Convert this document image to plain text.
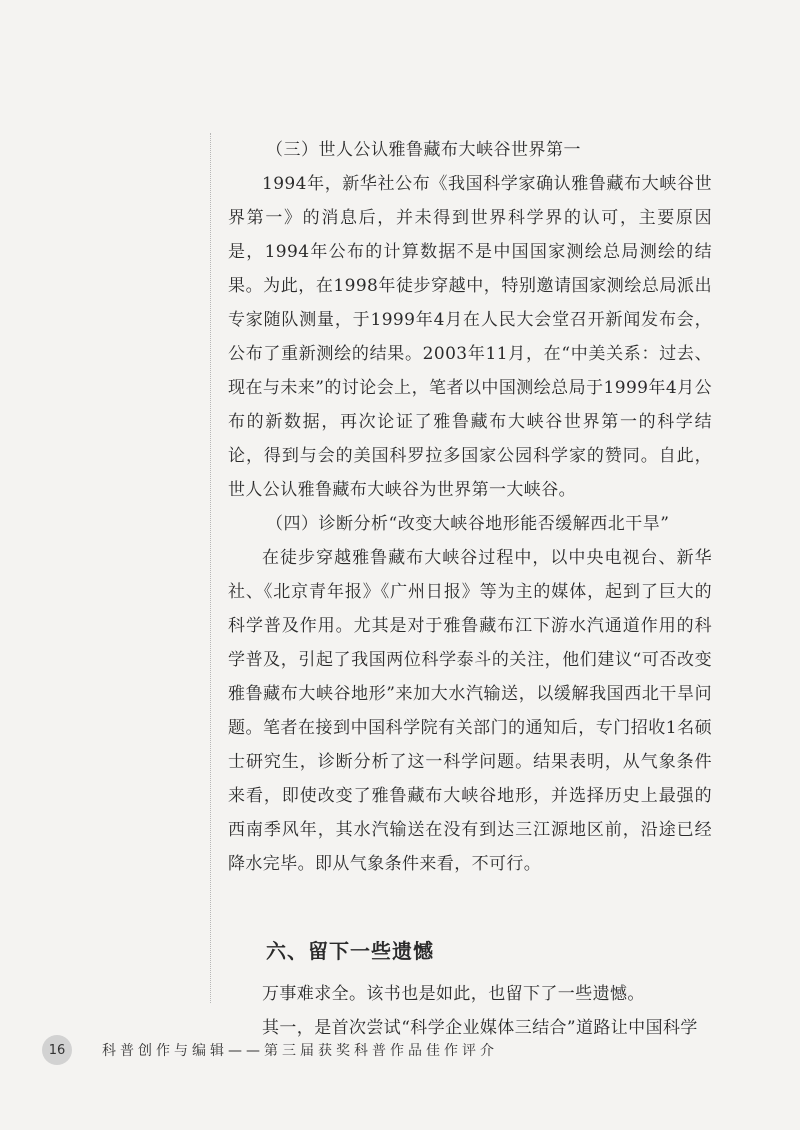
（三）世人公认雅鲁藏布大峡谷世界第一

1994年，新华社公布《我国科学家确认雅鲁藏布大峡谷世界第一》的消息后，并未得到世界科学界的认可，主要原因是，1994年公布的计算数据不是中国国家测绘总局测绘的结果。为此，在1998年徒步穿越中，特别邀请国家测绘总局派出专家随队测量，于1999年4月在人民大会堂召开新闻发布会，公布了重新测绘的结果。2003年11月，在“中美关系：过去、现在与未来”的讨论会上，笔者以中国测绘总局于1999年4月公布的新数据，再次论证了雅鲁藏布大峡谷世界第一的科学结论，得到与会的美国科罗拉多国家公园科学家的赞同。自此，世人公认雅鲁藏布大峡谷为世界第一大峡谷。

（四）诊断分析“改变大峡谷地形能否缓解西北干旱”

在徒步穿越雅鲁藏布大峡谷过程中，以中央电视台、新华社、《北京青年报》《广州日报》等为主的媒体，起到了巨大的科学普及作用。尤其是对于雅鲁藏布江下游水汽通道作用的科学普及，引起了我国两位科学泰斗的关注，他们建议“可否改变雅鲁藏布大峡谷地形”来加大水汽输送，以缓解我国西北干旱问题。笔者在接到中国科学院有关部门的通知后，专门招收1名硕士研究生，诊断分析了这一科学问题。结果表明，从气象条件来看，即使改变了雅鲁藏布大峡谷地形，并选择历史上最强的西南季风年，其水汽输送在没有到达三江源地区前，沿途已经降水完毕。即从气象条件来看，不可行。

六、留下一些遗憾

万事难求全。该书也是如此，也留下了一些遗憾。

其一，是首次尝试“科学企业媒体三结合”道路让中国科学

16	科普创作与编辑——第三届获奖科普作品佳作评介
